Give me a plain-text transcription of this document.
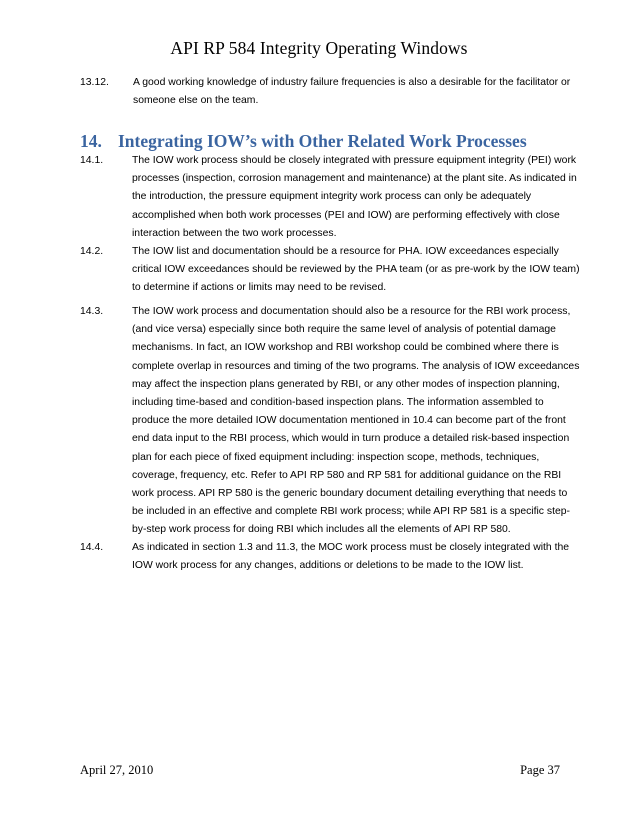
API RP 584 Integrity Operating Windows
13.12. A good working knowledge of industry failure frequencies is also a desirable for the facilitator or someone else on the team.
14. Integrating IOW’s with Other Related Work Processes
14.1.	The IOW work process should be closely integrated with pressure equipment integrity (PEI) work processes (inspection, corrosion management and maintenance) at the plant site. As indicated in the introduction, the pressure equipment integrity work process can only be adequately accomplished when both work processes (PEI and IOW) are performing effectively with close interaction between the two work processes.
14.2.	The IOW list and documentation should be a resource for PHA. IOW exceedances especially critical IOW exceedances should be reviewed by the PHA team (or as pre-work by the IOW team) to determine if actions or limits may need to be revised.
14.3.	The IOW work process and documentation should also be a resource for the RBI work process, (and vice versa) especially since both require the same level of analysis of potential damage mechanisms. In fact, an IOW workshop and RBI workshop could be combined where there is complete overlap in resources and timing of the two programs. The analysis of IOW exceedances may affect the inspection plans generated by RBI, or any other modes of inspection planning, including time-based and condition-based inspection plans. The information assembled to produce the more detailed IOW documentation mentioned in 10.4 can become part of the front end data input to the RBI process, which would in turn produce a detailed risk-based inspection plan for each piece of fixed equipment including: inspection scope, methods, techniques, coverage, frequency, etc. Refer to API RP 580 and RP 581 for additional guidance on the RBI work process. API RP 580 is the generic boundary document detailing everything that needs to be included in an effective and complete RBI work process; while API RP 581 is a specific step-by-step work process for doing RBI which includes all the elements of API RP 580.
14.4.	As indicated in section 1.3 and 11.3, the MOC work process must be closely integrated with the IOW work process for any changes, additions or deletions to be made to the IOW list.
April 27, 2010	Page 37
